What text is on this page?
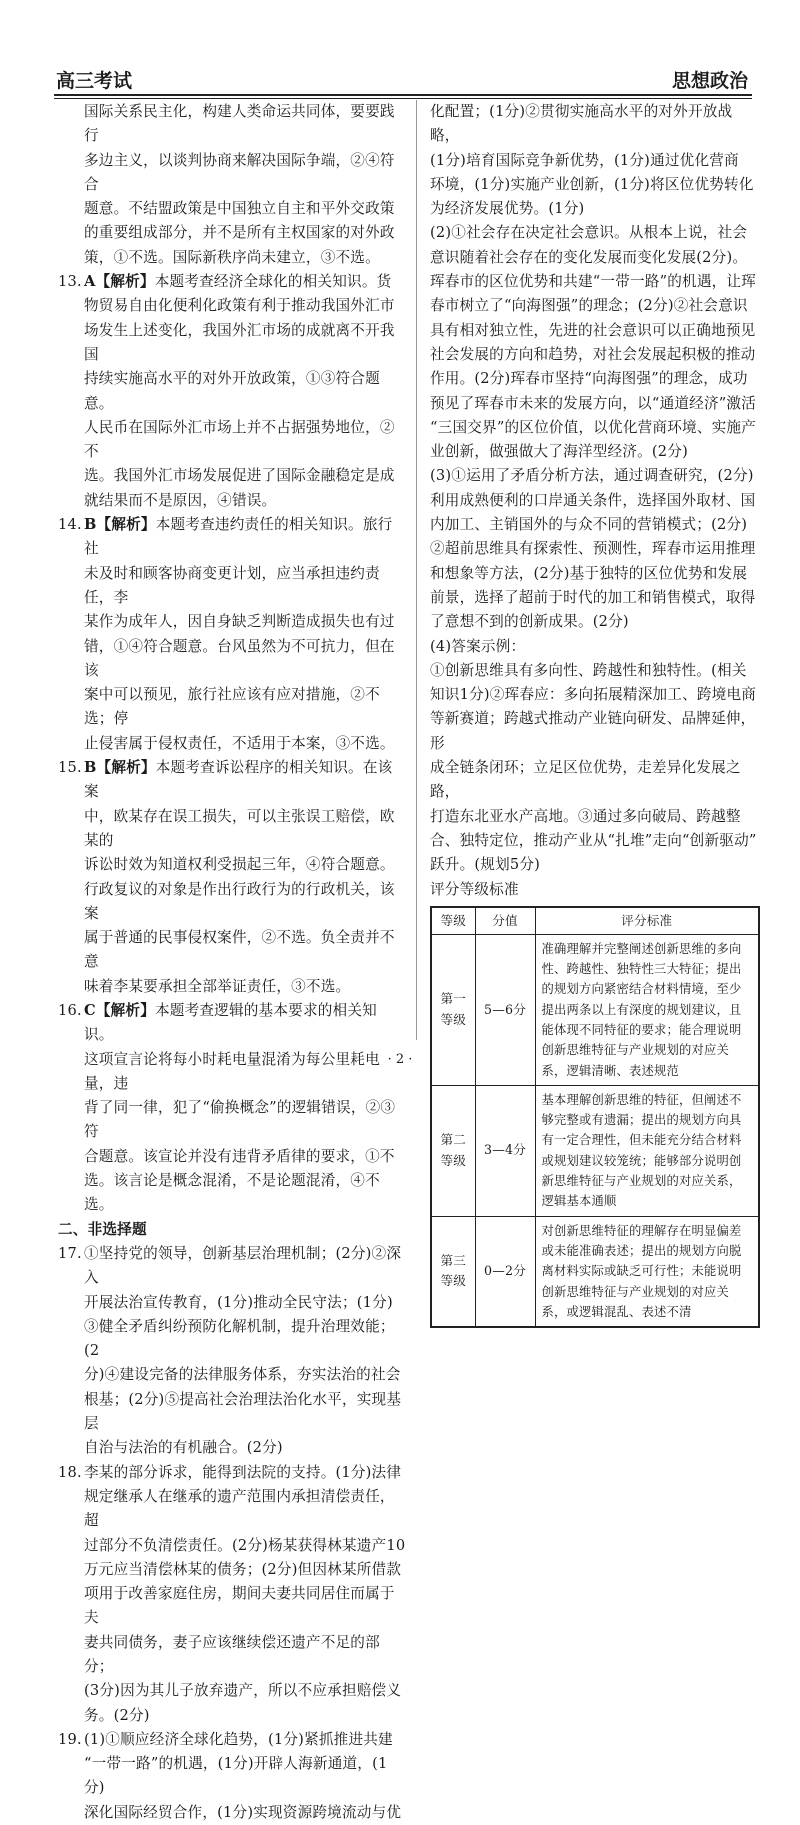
高三考试	思想政治
国际关系民主化，构建人类命运共同体，要要践行
多边主义，以谈判协商来解决国际争端，②④符合
题意。不结盟政策是中国独立自主和平外交政策
的重要组成部分，并不是所有主权国家的对外政
策，①不选。国际新秩序尚未建立，③不选。
13. A【解析】本题考查经济全球化的相关知识。货
物贸易自由化便利化政策有利于推动我国外汇市
场发生上述变化，我国外汇市场的成就离不开我国
持续实施高水平的对外开放政策，①③符合题意。
人民币在国际外汇市场上并不占据强势地位，②不
选。我国外汇市场发展促进了国际金融稳定是成
就结果而不是原因，④错误。
14. B【解析】本题考查违约责任的相关知识。旅行社
未及时和顾客协商变更计划，应当承担违约责任，李
某作为成年人，因自身缺乏判断造成损失也有过
错，①④符合题意。台风虽然为不可抗力，但在该
案中可以预见，旅行社应该有应对措施，②不选；停
止侵害属于侵权责任，不适用于本案，③不选。
15. B【解析】本题考查诉讼程序的相关知识。在该案
中，欧某存在误工损失，可以主张误工赔偿，欧某的
诉讼时效为知道权利受损起三年，④符合题意。
行政复议的对象是作出行政行为的行政机关，该案
属于普通的民事侵权案件，②不选。负全责并不意
味着李某要承担全部举证责任，③不选。
16. C【解析】本题考查逻辑的基本要求的相关知识。
这项宣言论将每小时耗电量混淆为每公里耗电量，违
背了同一律，犯了“偷换概念”的逻辑错误，②③符
合题意。该宣论并没有违背矛盾律的要求，①不
选。该言论是概念混淆，不是论题混淆，④不选。
二、非选择题
17. ①坚持党的领导，创新基层治理机制；(2分)②深入
开展法治宣传教育，(1分)推动全民守法；(1分)
③健全矛盾纠纷预防化解机制，提升治理效能；(2
分)④建设完备的法律服务体系，夯实法治的社会
根基；(2分)⑤提高社会治理法治化水平，实现基层
自治与法治的有机融合。(2分)
18. 李某的部分诉求，能得到法院的支持。(1分)法律
规定继承人在继承的遗产范围内承担清偿责任，超
过部分不负清偿责任。(2分)杨某获得林某遗产10
万元应当清偿林某的债务；(2分)但因林某所借款
项用于改善家庭住房，期间夫妻共同居住而属于夫
妻共同债务，妻子应该继续偿还遗产不足的部分；
(3分)因为其儿子放弃遗产，所以不应承担赔偿义
务。(2分)
19. (1)①顺应经济全球化趋势，(1分)紧抓推进共建
“一带一路”的机遇，(1分)开辟人海新通道，(1分)
深化国际经贸合作，(1分)实现资源跨境流动与优
化配置；(1分)②贯彻实施高水平的对外开放战略，
(1分)培育国际竞争新优势，(1分)通过优化营商
环境，(1分)实施产业创新，(1分)将区位优势转化
为经济发展优势。(1分)
(2)①社会存在决定社会意识。从根本上说，社会
意识随着社会存在的变化发展而变化发展(2分)。
珲春市的区位优势和共建“一带一路”的机遇，让珲
春市树立了“向海图强”的理念；(2分)②社会意识
具有相对独立性，先进的社会意识可以正确地预见
社会发展的方向和趋势，对社会发展起积极的推动
作用。(2分)珲春市坚持“向海图强”的理念，成功
预见了珲春市未来的发展方向，以“通道经济”激活
“三国交界”的区位价值，以优化营商环境、实施产
业创新，做强做大了海洋型经济。(2分)
(3)①运用了矛盾分析方法，通过调查研究，(2分)
利用成熟便利的口岸通关条件，选择国外取材、国
内加工、主销国外的与众不同的营销模式；(2分)
②超前思维具有探索性、预测性，珲春市运用推理
和想象等方法，(2分)基于独特的区位优势和发展
前景，选择了超前于时代的加工和销售模式，取得
了意想不到的创新成果。(2分)
(4)答案示例：
①创新思维具有多向性、跨越性和独特性。(相关
知识1分)②珲春应：多向拓展精深加工、跨境电商
等新赛道；跨越式推动产业链向研发、品牌延伸，形
成全链条闭环；立足区位优势，走差异化发展之路，
打造东北亚水产高地。③通过多向破局、跨越整
合、独特定位，推动产业从“扎堆”走向“创新驱动”
跃升。(规划5分)
评分等级标准
等级	分值	评分标准
第一等级	5—6分	准确理解并完整阐述创新思维的多向性、跨越性、独特性三大特征；提出的规划方向紧密结合材料情境，至少提出两条以上有深度的规划建议，且能体现不同特征的要求；能合理说明创新思维特征与产业规划的对应关系，逻辑清晰、表述规范
第二等级	3—4分	基本理解创新思维的特征，但阐述不够完整或有遗漏；提出的规划方向具有一定合理性，但未能充分结合材料或规划建议较笼统；能够部分说明创新思维特征与产业规划的对应关系，逻辑基本通顺
第三等级	0—2分	对创新思维特征的理解存在明显偏差或未能准确表述；提出的规划方向脱离材料实际或缺乏可行性；未能说明创新思维特征与产业规划的对应关系，或逻辑混乱、表述不清
· 2 ·
